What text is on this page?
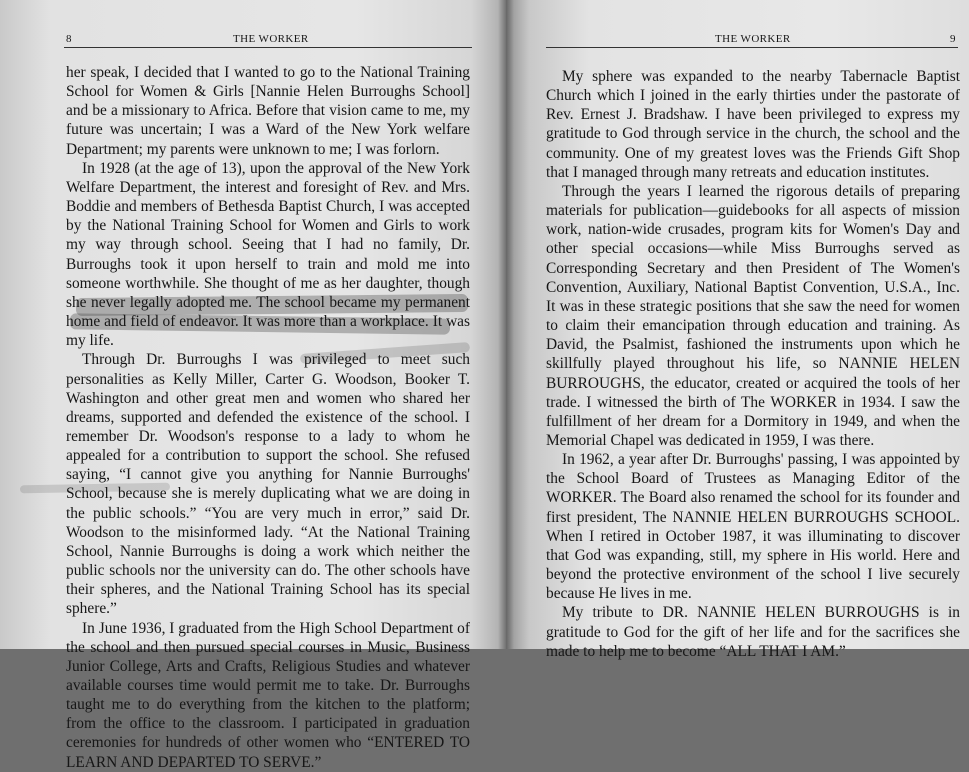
8	THE WORKER

her speak, I decided that I wanted to go to the National Training School for Women & Girls [Nannie Helen Burroughs School] and be a missionary to Africa. Before that vision came to me, my future was uncertain; I was a Ward of the New York welfare Department; my parents were unknown to me; I was forlorn.

In 1928 (at the age of 13), upon the approval of the New York Welfare Department, the interest and foresight of Rev. and Mrs. Boddie and members of Bethesda Baptist Church, I was accepted by the National Training School for Women and Girls to work my way through school. Seeing that I had no family, Dr. Burroughs took it upon herself to train and mold me into someone worthwhile. She thought of me as her daughter, though she never legally adopted me. The school became my permanent home and field of endeavor. It was more than a workplace. It was my life.

Through Dr. Burroughs I was privileged to meet such personalities as Kelly Miller, Carter G. Woodson, Booker T. Washington and other great men and women who shared her dreams, supported and defended the existence of the school. I remember Dr. Woodson's response to a lady to whom he appealed for a contribution to support the school. She refused saying, “I cannot give you anything for Nannie Burroughs' School, because she is merely duplicating what we are doing in the public schools.” “You are very much in error,” said Dr. Woodson to the misinformed lady. “At the National Training School, Nannie Burroughs is doing a work which neither the public schools nor the university can do. The other schools have their spheres, and the National Training School has its special sphere.”

In June 1936, I graduated from the High School Department of the school and then pursued special courses in Music, Business Junior College, Arts and Crafts, Religious Studies and whatever available courses time would permit me to take. Dr. Burroughs taught me to do everything from the kitchen to the platform; from the office to the classroom. I participated in graduation ceremonies for hundreds of other women who “ENTERED TO LEARN AND DEPARTED TO SERVE.”

THE WORKER	9

My sphere was expanded to the nearby Tabernacle Baptist Church which I joined in the early thirties under the pastorate of Rev. Ernest J. Bradshaw. I have been privileged to express my gratitude to God through service in the church, the school and the community. One of my greatest loves was the Friends Gift Shop that I managed through many retreats and education institutes.

Through the years I learned the rigorous details of preparing materials for publication—guidebooks for all aspects of mission work, nation-wide crusades, program kits for Women's Day and other special occasions—while Miss Burroughs served as Corresponding Secretary and then President of The Women's Convention, Auxiliary, National Baptist Convention, U.S.A., Inc. It was in these strategic positions that she saw the need for women to claim their emancipation through education and training. As David, the Psalmist, fashioned the instruments upon which he skillfully played throughout his life, so NANNIE HELEN BURROUGHS, the educator, created or acquired the tools of her trade. I witnessed the birth of The WORKER in 1934. I saw the fulfillment of her dream for a Dormitory in 1949, and when the Memorial Chapel was dedicated in 1959, I was there.

In 1962, a year after Dr. Burroughs' passing, I was appointed by the School Board of Trustees as Managing Editor of the WORKER. The Board also renamed the school for its founder and first president, The NANNIE HELEN BURROUGHS SCHOOL. When I retired in October 1987, it was illuminating to discover that God was expanding, still, my sphere in His world. Here and beyond the protective environment of the school I live securely because He lives in me.

My tribute to DR. NANNIE HELEN BURROUGHS is in gratitude to God for the gift of her life and for the sacrifices she made to help me to become “ALL THAT I AM.”
